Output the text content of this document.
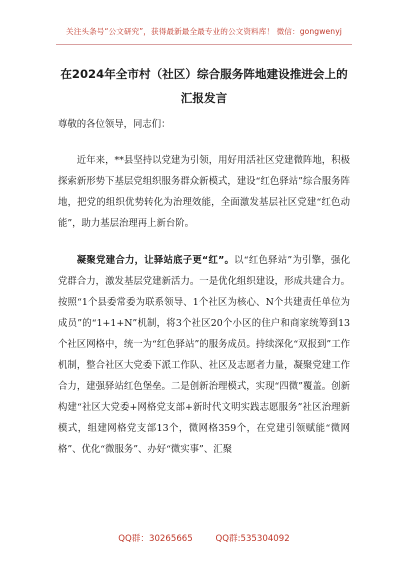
关注头条号“公文研究”，获得最新最全最专业的公文资料库！ 微信：gongwenyj
在2024年全市村（社区）综合服务阵地建设推进会上的汇报发言
尊敬的各位领导，同志们：
近年来，**县坚持以党建为引领，用好用活社区党建微阵地，积极探索新形势下基层党组织服务群众新模式，建设“红色驿站”综合服务阵地，把党的组织优势转化为治理效能，全面激发基层社区党建“红色动能”，助力基层治理再上新台阶。
凝聚党建合力，让驿站底子更“红”。以“红色驿站”为引擎，强化党群合力，激发基层党建新活力。一是优化组织建设，形成共建合力。按照“1个县委常委为联系领导、1个社区为核心、N个共建责任单位为成员”的“1+1+N”机制，将3个社区20个小区的住户和商家统筹到13个社区网格中，统一为“红色驿站”的服务成员。持续深化“双报到”工作机制，整合社区大党委下派工作队、社区及志愿者力量，凝聚党建工作合力，建强驿站红色堡垒。二是创新治理模式，实现“四微”覆盖。创新构建“社区大党委+网格党支部+新时代文明实践志愿服务”社区治理新模式，组建网格党支部13个，微网格359个，在党建引领赋能“微网格”、优化“微服务”、办好“微实事”、汇聚
QQ群：30265665	QQ群:535304092
